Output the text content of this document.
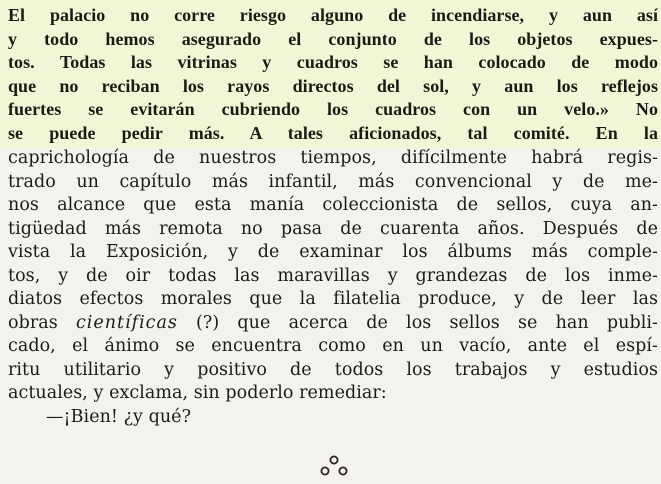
El palacio no corre riesgo alguno de incendiarse, y aun así
y todo hemos asegurado el conjunto de los objetos expues-
tos. Todas las vitrinas y cuadros se han colocado de modo
que no reciban los rayos directos del sol, y aun los reflejos
fuertes se evitarán cubriendo los cuadros con un velo.» No
se puede pedir más. A tales aficionados, tal comité. En la
caprichología de nuestros tiempos, difícilmente habrá regis-
trado un capítulo más infantil, más convencional y de me-
nos alcance que esta manía coleccionista de sellos, cuya an-
tigüedad más remota no pasa de cuarenta años. Después de
vista la Exposición, y de examinar los álbums más comple-
tos, y de oir todas las maravillas y grandezas de los inme-
diatos efectos morales que la filatelia produce, y de leer las
obras científicas (?) que acerca de los sellos se han publi-
cado, el ánimo se encuentra como en un vacío, ante el espí-
ritu utilitario y positivo de todos los trabajos y estudios
actuales, y exclama, sin poderlo remediar:
—¡Bien! ¿y qué?
